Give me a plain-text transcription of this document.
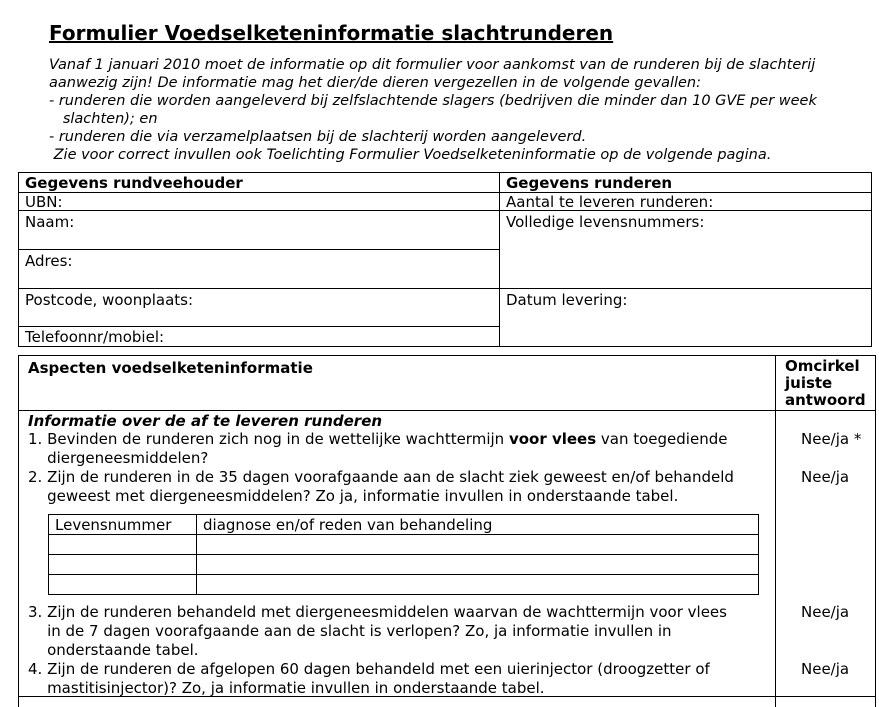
Formulier Voedselketeninformatie slachtrunderen
Vanaf 1 januari 2010 moet de informatie op dit formulier voor aankomst van de runderen bij de slachterij
aanwezig zijn! De informatie mag het dier/de dieren vergezellen in de volgende gevallen:
- runderen die worden aangeleverd bij zelfslachtende slagers (bedrijven die minder dan 10 GVE per week
slachten); en
- runderen die via verzamelplaatsen bij de slachterij worden aangeleverd.
Zie voor correct invullen ook Toelichting Formulier Voedselketeninformatie op de volgende pagina.
Gegevens rundveehouder	Gegevens runderen
UBN:	Aantal te leveren runderen:
Naam:	Volledige levensnummers:
Adres:
Postcode, woonplaats:	Datum levering:
Telefoonnr/mobiel:
Aspecten voedselketeninformatie	Omcirkel
juiste
antwoord
Informatie over de af te leveren runderen
1. Bevinden de runderen zich nog in de wettelijke wachttermijn voor vlees van toegediende
diergeneesmiddelen?
Nee/ja *
2. Zijn de runderen in de 35 dagen voorafgaande aan de slacht ziek geweest en/of behandeld
geweest met diergeneesmiddelen? Zo ja, informatie invullen in onderstaande tabel.
Nee/ja
Levensnummer diagnose en/of reden van behandeling
3. Zijn de runderen behandeld met diergeneesmiddelen waarvan de wachttermijn voor vlees
in de 7 dagen voorafgaande aan de slacht is verlopen? Zo, ja informatie invullen in
onderstaande tabel.
Nee/ja
4. Zijn de runderen de afgelopen 60 dagen behandeld met een uierinjector (droogzetter of
mastitisinjector)? Zo, ja informatie invullen in onderstaande tabel.
Nee/ja
